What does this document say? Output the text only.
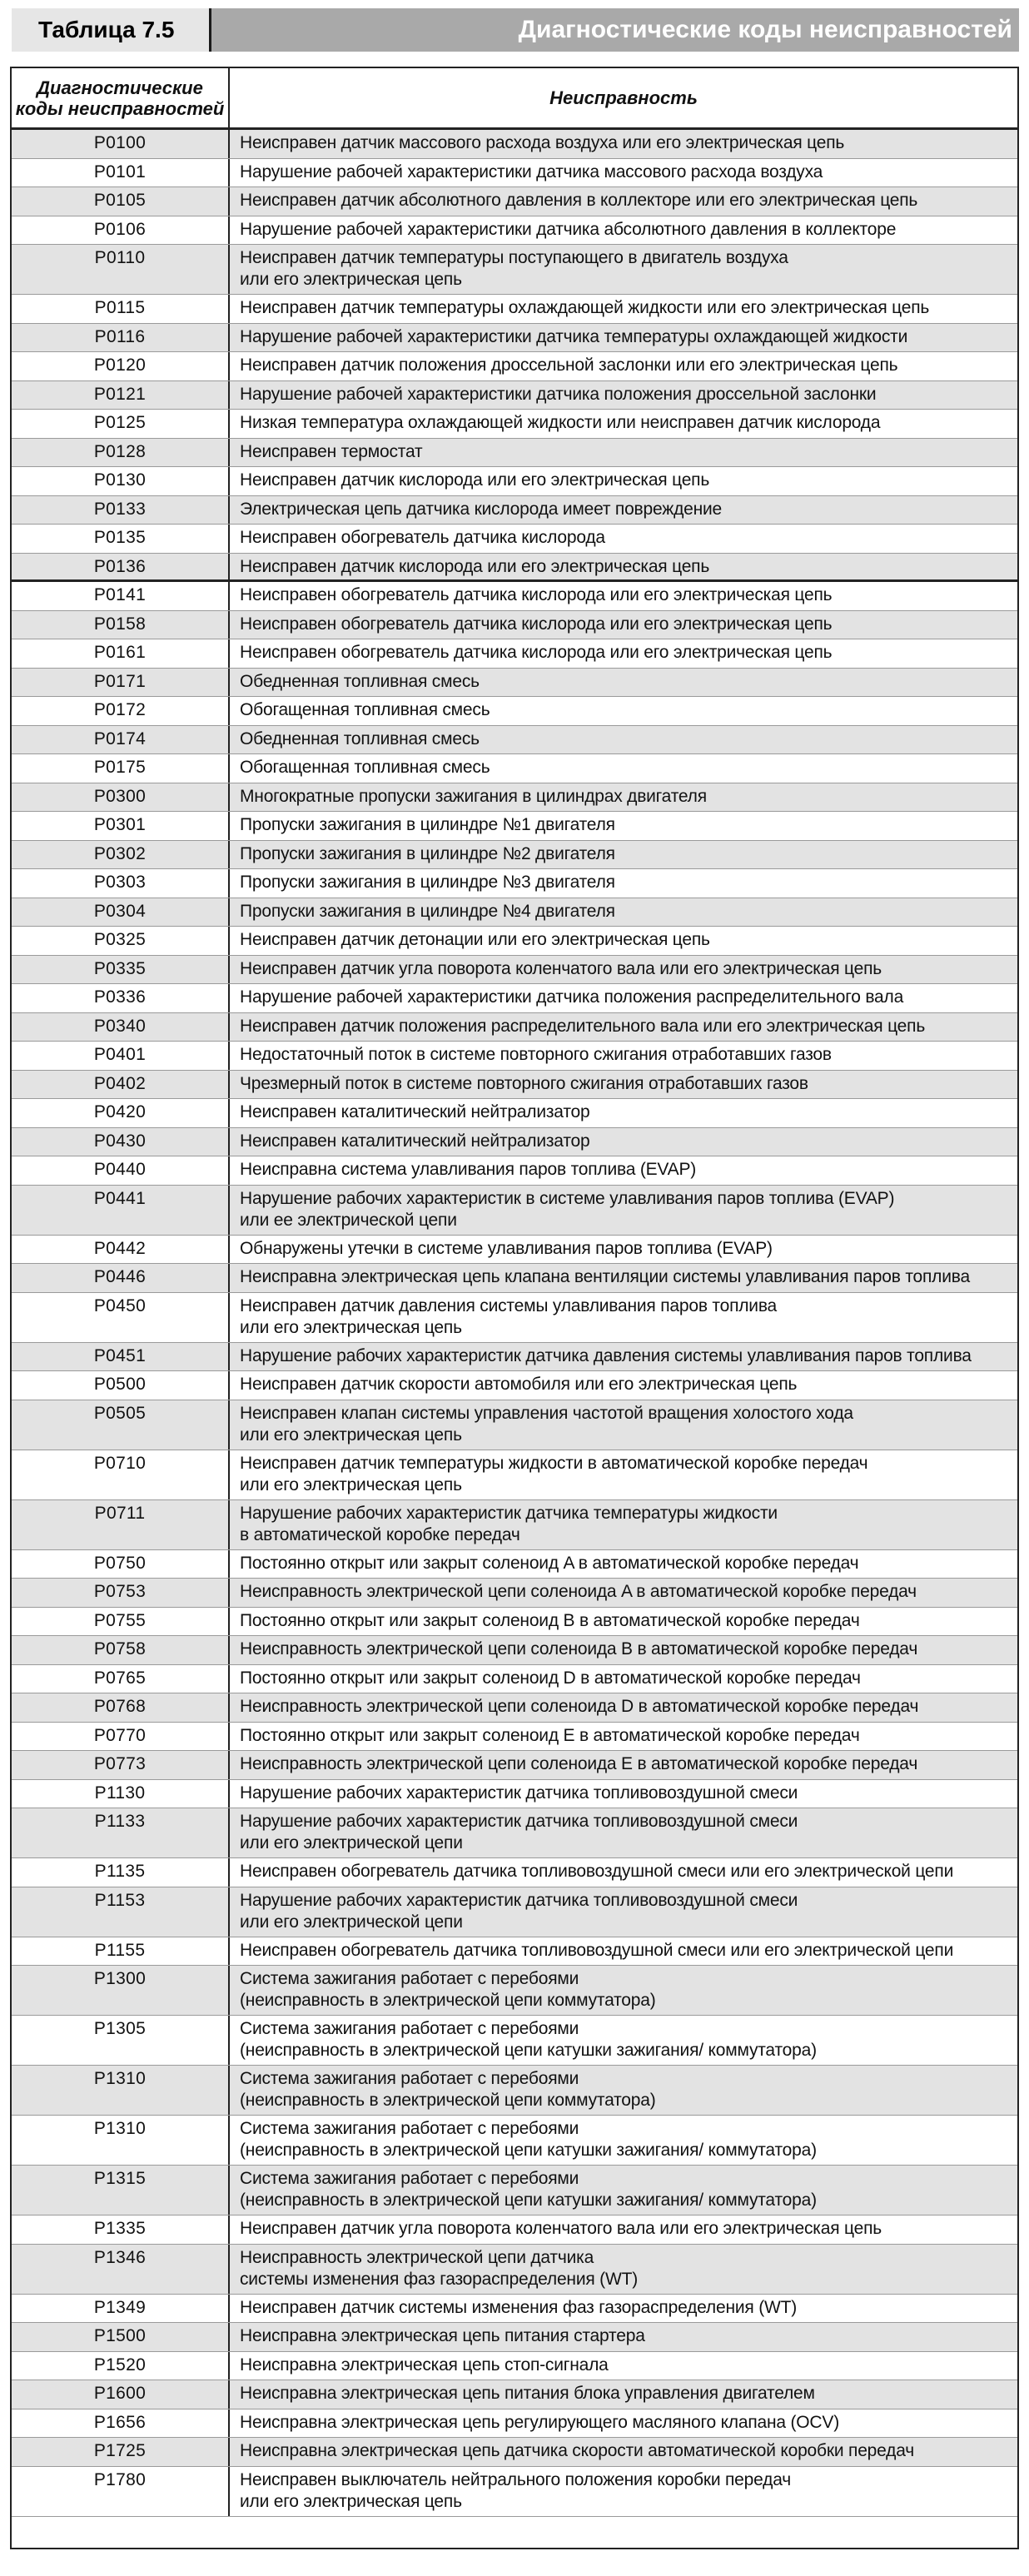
Таблица 7.5	Диагностические коды неисправностей
Диагностические коды неисправностей	Неисправность
P0100	Неисправен датчик массового расхода воздуха или его электрическая цепь
P0101	Нарушение рабочей характеристики датчика массового расхода воздуха
P0105	Неисправен датчик абсолютного давления в коллекторе или его электрическая цепь
P0106	Нарушение рабочей характеристики датчика абсолютного давления в коллекторе
P0110	Неисправен датчик температуры поступающего в двигатель воздуха
или его электрическая цепь
P0115	Неисправен датчик температуры охлаждающей жидкости или его электрическая цепь
P0116	Нарушение рабочей характеристики датчика температуры охлаждающей жидкости
P0120	Неисправен датчик положения дроссельной заслонки или его электрическая цепь
P0121	Нарушение рабочей характеристики датчика положения дроссельной заслонки
P0125	Низкая температура охлаждающей жидкости или неисправен датчик кислорода
P0128	Неисправен термостат
P0130	Неисправен датчик кислорода или его электрическая цепь
P0133	Электрическая цепь датчика кислорода имеет повреждение
P0135	Неисправен обогреватель датчика кислорода
P0136	Неисправен датчик кислорода или его электрическая цепь
P0141	Неисправен обогреватель датчика кислорода или его электрическая цепь
P0158	Неисправен обогреватель датчика кислорода или его электрическая цепь
P0161	Неисправен обогреватель датчика кислорода или его электрическая цепь
P0171	Обедненная топливная смесь
P0172	Обогащенная топливная смесь
P0174	Обедненная топливная смесь
P0175	Обогащенная топливная смесь
P0300	Многократные пропуски зажигания в цилиндрах двигателя
P0301	Пропуски зажигания в цилиндре №1 двигателя
P0302	Пропуски зажигания в цилиндре №2 двигателя
P0303	Пропуски зажигания в цилиндре №3 двигателя
P0304	Пропуски зажигания в цилиндре №4 двигателя
P0325	Неисправен датчик детонации или его электрическая цепь
P0335	Неисправен датчик угла поворота коленчатого вала или его электрическая цепь
P0336	Нарушение рабочей характеристики датчика положения распределительного вала
P0340	Неисправен датчик положения распределительного вала или его электрическая цепь
P0401	Недостаточный поток в системе повторного сжигания отработавших газов
P0402	Чрезмерный поток в системе повторного сжигания отработавших газов
P0420	Неисправен каталитический нейтрализатор
P0430	Неисправен каталитический нейтрализатор
P0440	Неисправна система улавливания паров топлива (EVAP)
P0441	Нарушение рабочих характеристик в системе улавливания паров топлива (EVAP)
или ее электрической цепи
P0442	Обнаружены утечки в системе улавливания паров топлива (EVAP)
P0446	Неисправна электрическая цепь клапана вентиляции системы улавливания паров топлива
P0450	Неисправен датчик давления системы улавливания паров топлива
или его электрическая цепь
P0451	Нарушение рабочих характеристик датчика давления системы улавливания паров топлива
P0500	Неисправен датчик скорости автомобиля или его электрическая цепь
P0505	Неисправен клапан системы управления частотой вращения холостого хода
или его электрическая цепь
P0710	Неисправен датчик температуры жидкости в автоматической коробке передач
или его электрическая цепь
P0711	Нарушение рабочих характеристик датчика температуры жидкости
в автоматической коробке передач
P0750	Постоянно открыт или закрыт соленоид A в автоматической коробке передач
P0753	Неисправность электрической цепи соленоида A в автоматической коробке передач
P0755	Постоянно открыт или закрыт соленоид B в автоматической коробке передач
P0758	Неисправность электрической цепи соленоида B в автоматической коробке передач
P0765	Постоянно открыт или закрыт соленоид D в автоматической коробке передач
P0768	Неисправность электрической цепи соленоида D в автоматической коробке передач
P0770	Постоянно открыт или закрыт соленоид E в автоматической коробке передач
P0773	Неисправность электрической цепи соленоида E в автоматической коробке передач
P1130	Нарушение рабочих характеристик датчика топливовоздушной смеси
P1133	Нарушение рабочих характеристик датчика топливовоздушной смеси
или его электрической цепи
P1135	Неисправен обогреватель датчика топливовоздушной смеси или его электрической цепи
P1153	Нарушение рабочих характеристик датчика топливовоздушной смеси
или его электрической цепи
P1155	Неисправен обогреватель датчика топливовоздушной смеси или его электрической цепи
P1300	Система зажигания работает с перебоями
(неисправность в электрической цепи коммутатора)
P1305	Система зажигания работает с перебоями
(неисправность в электрической цепи катушки зажигания/ коммутатора)
P1310	Система зажигания работает с перебоями
(неисправность в электрической цепи коммутатора)
P1310	Система зажигания работает с перебоями
(неисправность в электрической цепи катушки зажигания/ коммутатора)
P1315	Система зажигания работает с перебоями
(неисправность в электрической цепи катушки зажигания/ коммутатора)
P1335	Неисправен датчик угла поворота коленчатого вала или его электрическая цепь
P1346	Неисправность электрической цепи датчика
системы изменения фаз газораспределения (WT)
P1349	Неисправен датчик системы изменения фаз газораспределения (WT)
P1500	Неисправна электрическая цепь питания стартера
P1520	Неисправна электрическая цепь стоп-сигнала
P1600	Неисправна электрическая цепь питания блока управления двигателем
P1656	Неисправна электрическая цепь регулирующего масляного клапана (OCV)
P1725	Неисправна электрическая цепь датчика скорости автоматической коробки передач
P1780	Неисправен выключатель нейтрального положения коробки передач
или его электрическая цепь
